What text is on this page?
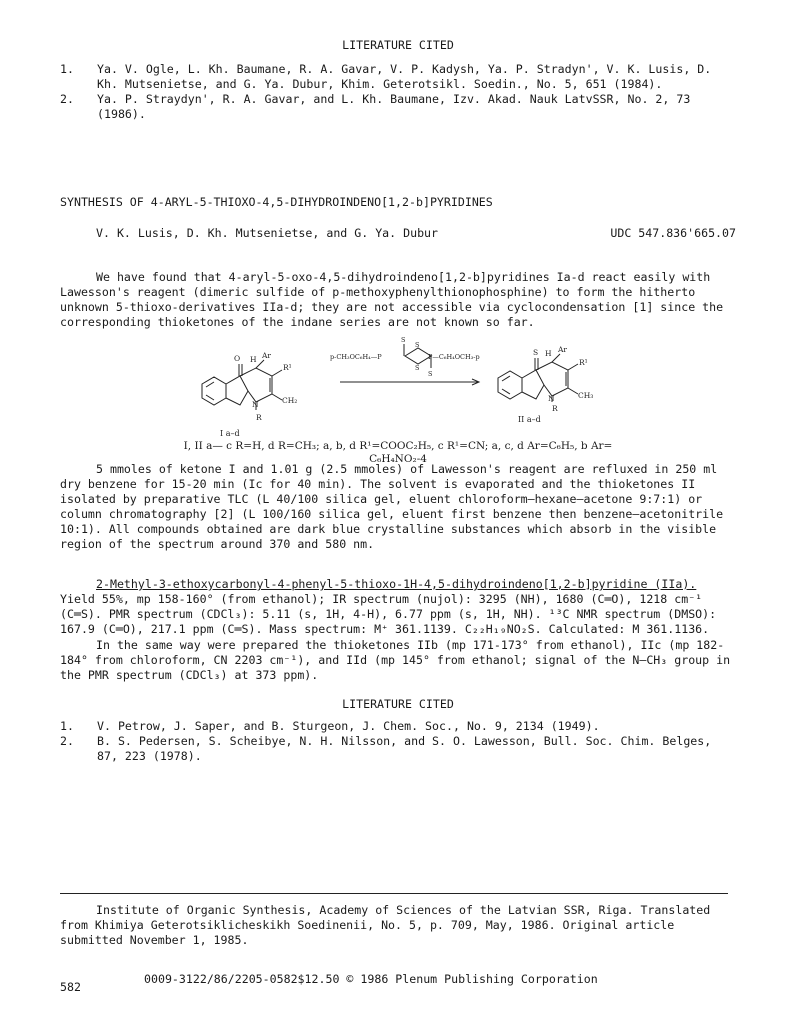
LITERATURE CITED
1.	Ya. V. Ogle, L. Kh. Baumane, R. A. Gavar, V. P. Kadysh, Ya. P. Stradyn', V. K. Lusis, D. Kh. Mutsenietse, and G. Ya. Dubur, Khim. Geterotsikl. Soedin., No. 5, 651 (1984).
2.	Ya. P. Straydyn', R. A. Gavar, and L. Kh. Baumane, Izv. Akad. Nauk LatvSSR, No. 2, 73 (1986).
SYNTHESIS OF 4-ARYL-5-THIOXO-4,5-DIHYDROINDENO[1,2-b]PYRIDINES
V. K. Lusis, D. Kh. Mutsenietse, and G. Ya. Dubur	UDC 547.836'665.07

We have found that 4-aryl-5-oxo-4,5-dihydroindeno[1,2-b]pyridines Ia-d react easily with Lawesson's reagent (dimeric sulfide of p-methoxyphenylthionophosphine) to form the hitherto unknown 5-thioxo-derivatives IIa-d; they are not accessible via cyclocondensation [1] since the corresponding thioketones of the indane series are not known so far.

O H Ar
R¹
N	CH₂
R
I a–d
S
S
S
S
p-CH₃OC₆H₄—P	P—C₆H₄OCH₃-p	S H Ar
R¹
N	CH₃
R
II a–d
I, II a— c R=H, d R=CH₃; a, b, d R¹=COOC₂H₅, c R¹=CN; a, c, d Ar=C₆H₅, b Ar=
C₆H₄NO₂-4

5 mmoles of ketone I and 1.01 g (2.5 mmoles) of Lawesson's reagent are refluxed in 250 ml dry benzene for 15-20 min (Ic for 40 min). The solvent is evaporated and the thioketones II isolated by preparative TLC (L 40/100 silica gel, eluent chloroform—hexane—acetone 9:7:1) or column chromatography [2] (L 100/160 silica gel, eluent first benzene then benzene—acetonitrile 10:1). All compounds obtained are dark blue crystalline substances which absorb in the visible region of the spectrum around 370 and 580 nm.

2-Methyl-3-ethoxycarbonyl-4-phenyl-5-thioxo-1H-4,5-dihydroindeno[1,2-b]pyridine (IIa).
Yield 55%, mp 158-160° (from ethanol); IR spectrum (nujol): 3295 (NH), 1680 (C═O), 1218 cm⁻¹ (C═S). PMR spectrum (CDCl₃): 5.11 (s, 1H, 4-H), 6.77 ppm (s, 1H, NH). ¹³C NMR spectrum (DMSO): 167.9 (C═O), 217.1 ppm (C═S). Mass spectrum: M⁺ 361.1139. C₂₂H₁₉NO₂S. Calculated: M 361.1136.

In the same way were prepared the thioketones IIb (mp 171-173° from ethanol), IIc (mp 182-184° from chloroform, CN 2203 cm⁻¹), and IId (mp 145° from ethanol; signal of the N—CH₃ group in the PMR spectrum (CDCl₃) at 373 ppm).

LITERATURE CITED
1.	V. Petrow, J. Saper, and B. Sturgeon, J. Chem. Soc., No. 9, 2134 (1949).
2.	B. S. Pedersen, S. Scheibye, N. H. Nilsson, and S. O. Lawesson, Bull. Soc. Chim. Belges, 87, 223 (1978).

Institute of Organic Synthesis, Academy of Sciences of the Latvian SSR, Riga. Translated from Khimiya Geterotsiklicheskikh Soedinenii, No. 5, p. 709, May, 1986. Original article submitted November 1, 1985.

582
0009-3122/86/2205-0582$12.50 © 1986 Plenum Publishing Corporation
